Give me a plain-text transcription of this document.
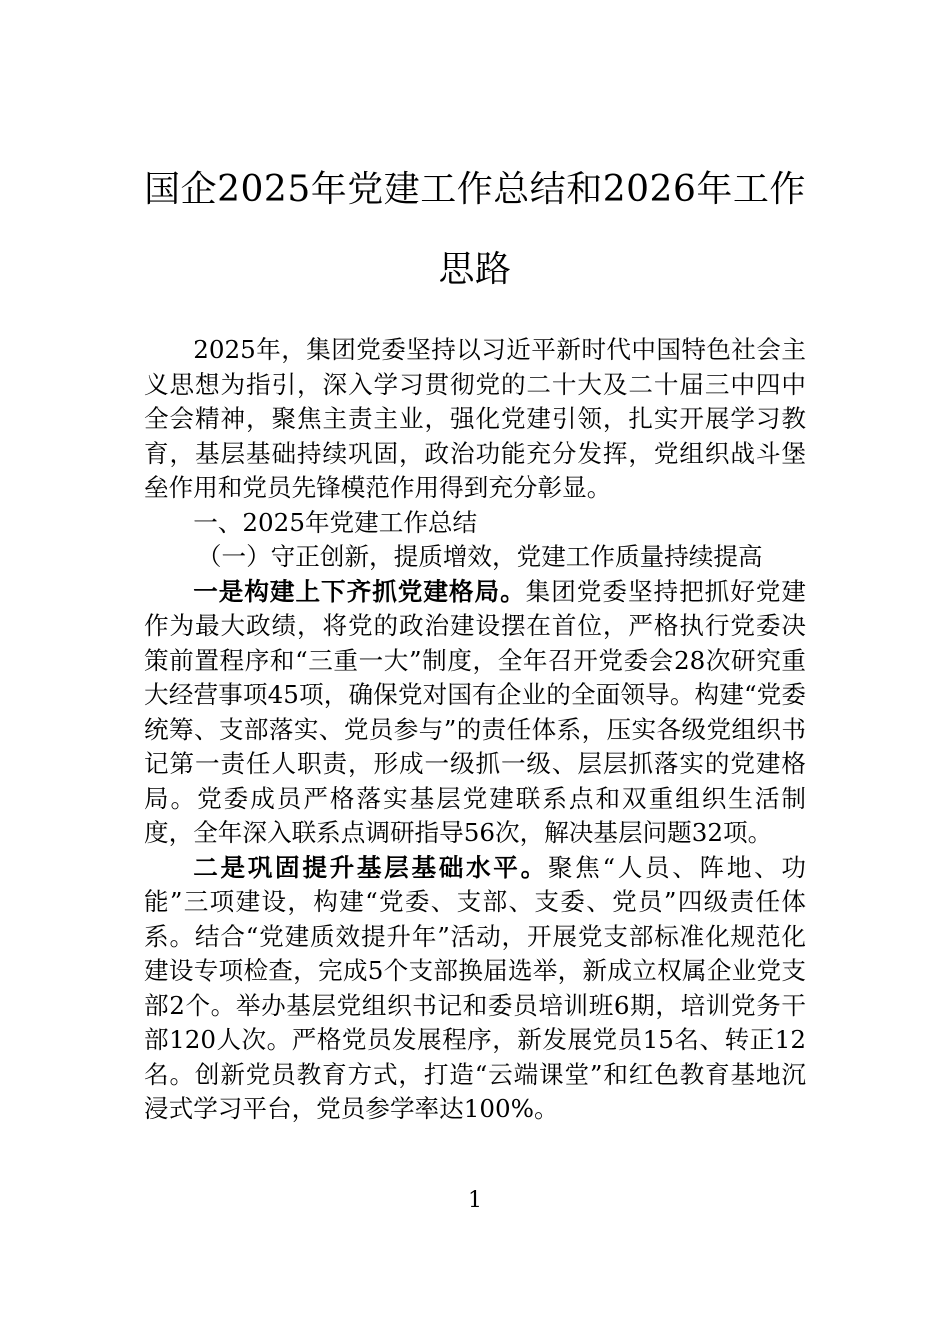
国企2025年党建工作总结和2026年工作思路

2025年，集团党委坚持以习近平新时代中国特色社会主义思想为指引，深入学习贯彻党的二十大及二十届三中四中全会精神，聚焦主责主业，强化党建引领，扎实开展学习教育，基层基础持续巩固，政治功能充分发挥，党组织战斗堡垒作用和党员先锋模范作用得到充分彰显。

一、2025年党建工作总结

（一）守正创新，提质增效，党建工作质量持续提高

一是构建上下齐抓党建格局。集团党委坚持把抓好党建作为最大政绩，将党的政治建设摆在首位，严格执行党委决策前置程序和“三重一大”制度，全年召开党委会28次研究重大经营事项45项，确保党对国有企业的全面领导。构建“党委统筹、支部落实、党员参与”的责任体系，压实各级党组织书记第一责任人职责，形成一级抓一级、层层抓落实的党建格局。党委成员严格落实基层党建联系点和双重组织生活制度，全年深入联系点调研指导56次，解决基层问题32项。

二是巩固提升基层基础水平。聚焦“人员、阵地、功能”三项建设，构建“党委、支部、支委、党员”四级责任体系。结合“党建质效提升年”活动，开展党支部标准化规范化建设专项检查，完成5个支部换届选举，新成立权属企业党支部2个。举办基层党组织书记和委员培训班6期，培训党务干部120人次。严格党员发展程序，新发展党员15名、转正12名。创新党员教育方式，打造“云端课堂”和红色教育基地沉浸式学习平台，党员参学率达100%。

1
